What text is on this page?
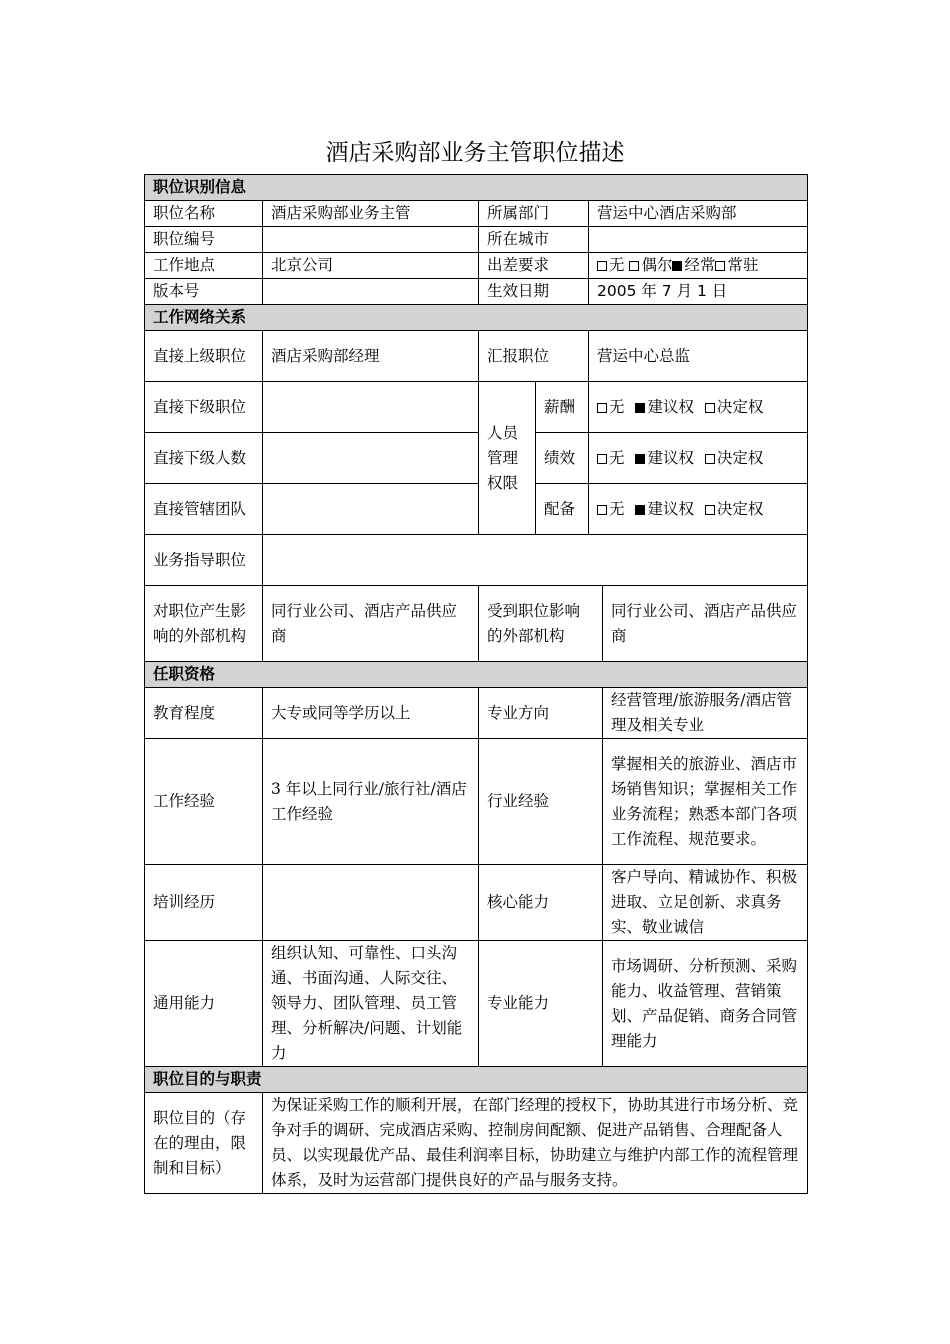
酒店采购部业务主管职位描述
职位识别信息					
职位名称	酒店采购部业务主管	所属部门		营运中心酒店采购部	
职位编号		所在城市			
工作地点	北京公司	出差要求		无 偶尔 经常 常驻	
版本号		生效日期		2005 年 7 月 1 日	
工作网络关系					
直接上级职位	酒店采购部经理	汇报职位		营运中心总监	
直接下级职位		人员管理权限	薪酬	无 建议权 决定权	
直接下级人数			绩效	无 建议权 决定权	
直接管辖团队			配备	无 建议权 决定权	
业务指导职位					
对职位产生影响的外部机构	同行业公司、酒店产品供应商	受到职位影响的外部机构			同行业公司、酒店产品供应商
任职资格					
教育程度	大专或同等学历以上	专业方向			经营管理/旅游服务/酒店管理及相关专业
工作经验	3 年以上同行业/旅行社/酒店工作经验	行业经验			掌握相关的旅游业、酒店市场销售知识；掌握相关工作业务流程；熟悉本部门各项工作流程、规范要求。
培训经历		核心能力			客户导向、精诚协作、积极进取、立足创新、求真务实、敬业诚信
通用能力	组织认知、可靠性、口头沟通、书面沟通、人际交往、领导力、团队管理、员工管理、分析解决/问题、计划能力	专业能力			市场调研、分析预测、采购能力、收益管理、营销策划、产品促销、商务合同管理能力
职位目的与职责					
职位目的（存在的理由，限制和目标）	为保证采购工作的顺利开展，在部门经理的授权下，协助其进行市场分析、竞争对手的调研、完成酒店采购、控制房间配额、促进产品销售、合理配备人员、以实现最优产品、最佳利润率目标，协助建立与维护内部工作的流程管理体系，及时为运营部门提供良好的产品与服务支持。				
